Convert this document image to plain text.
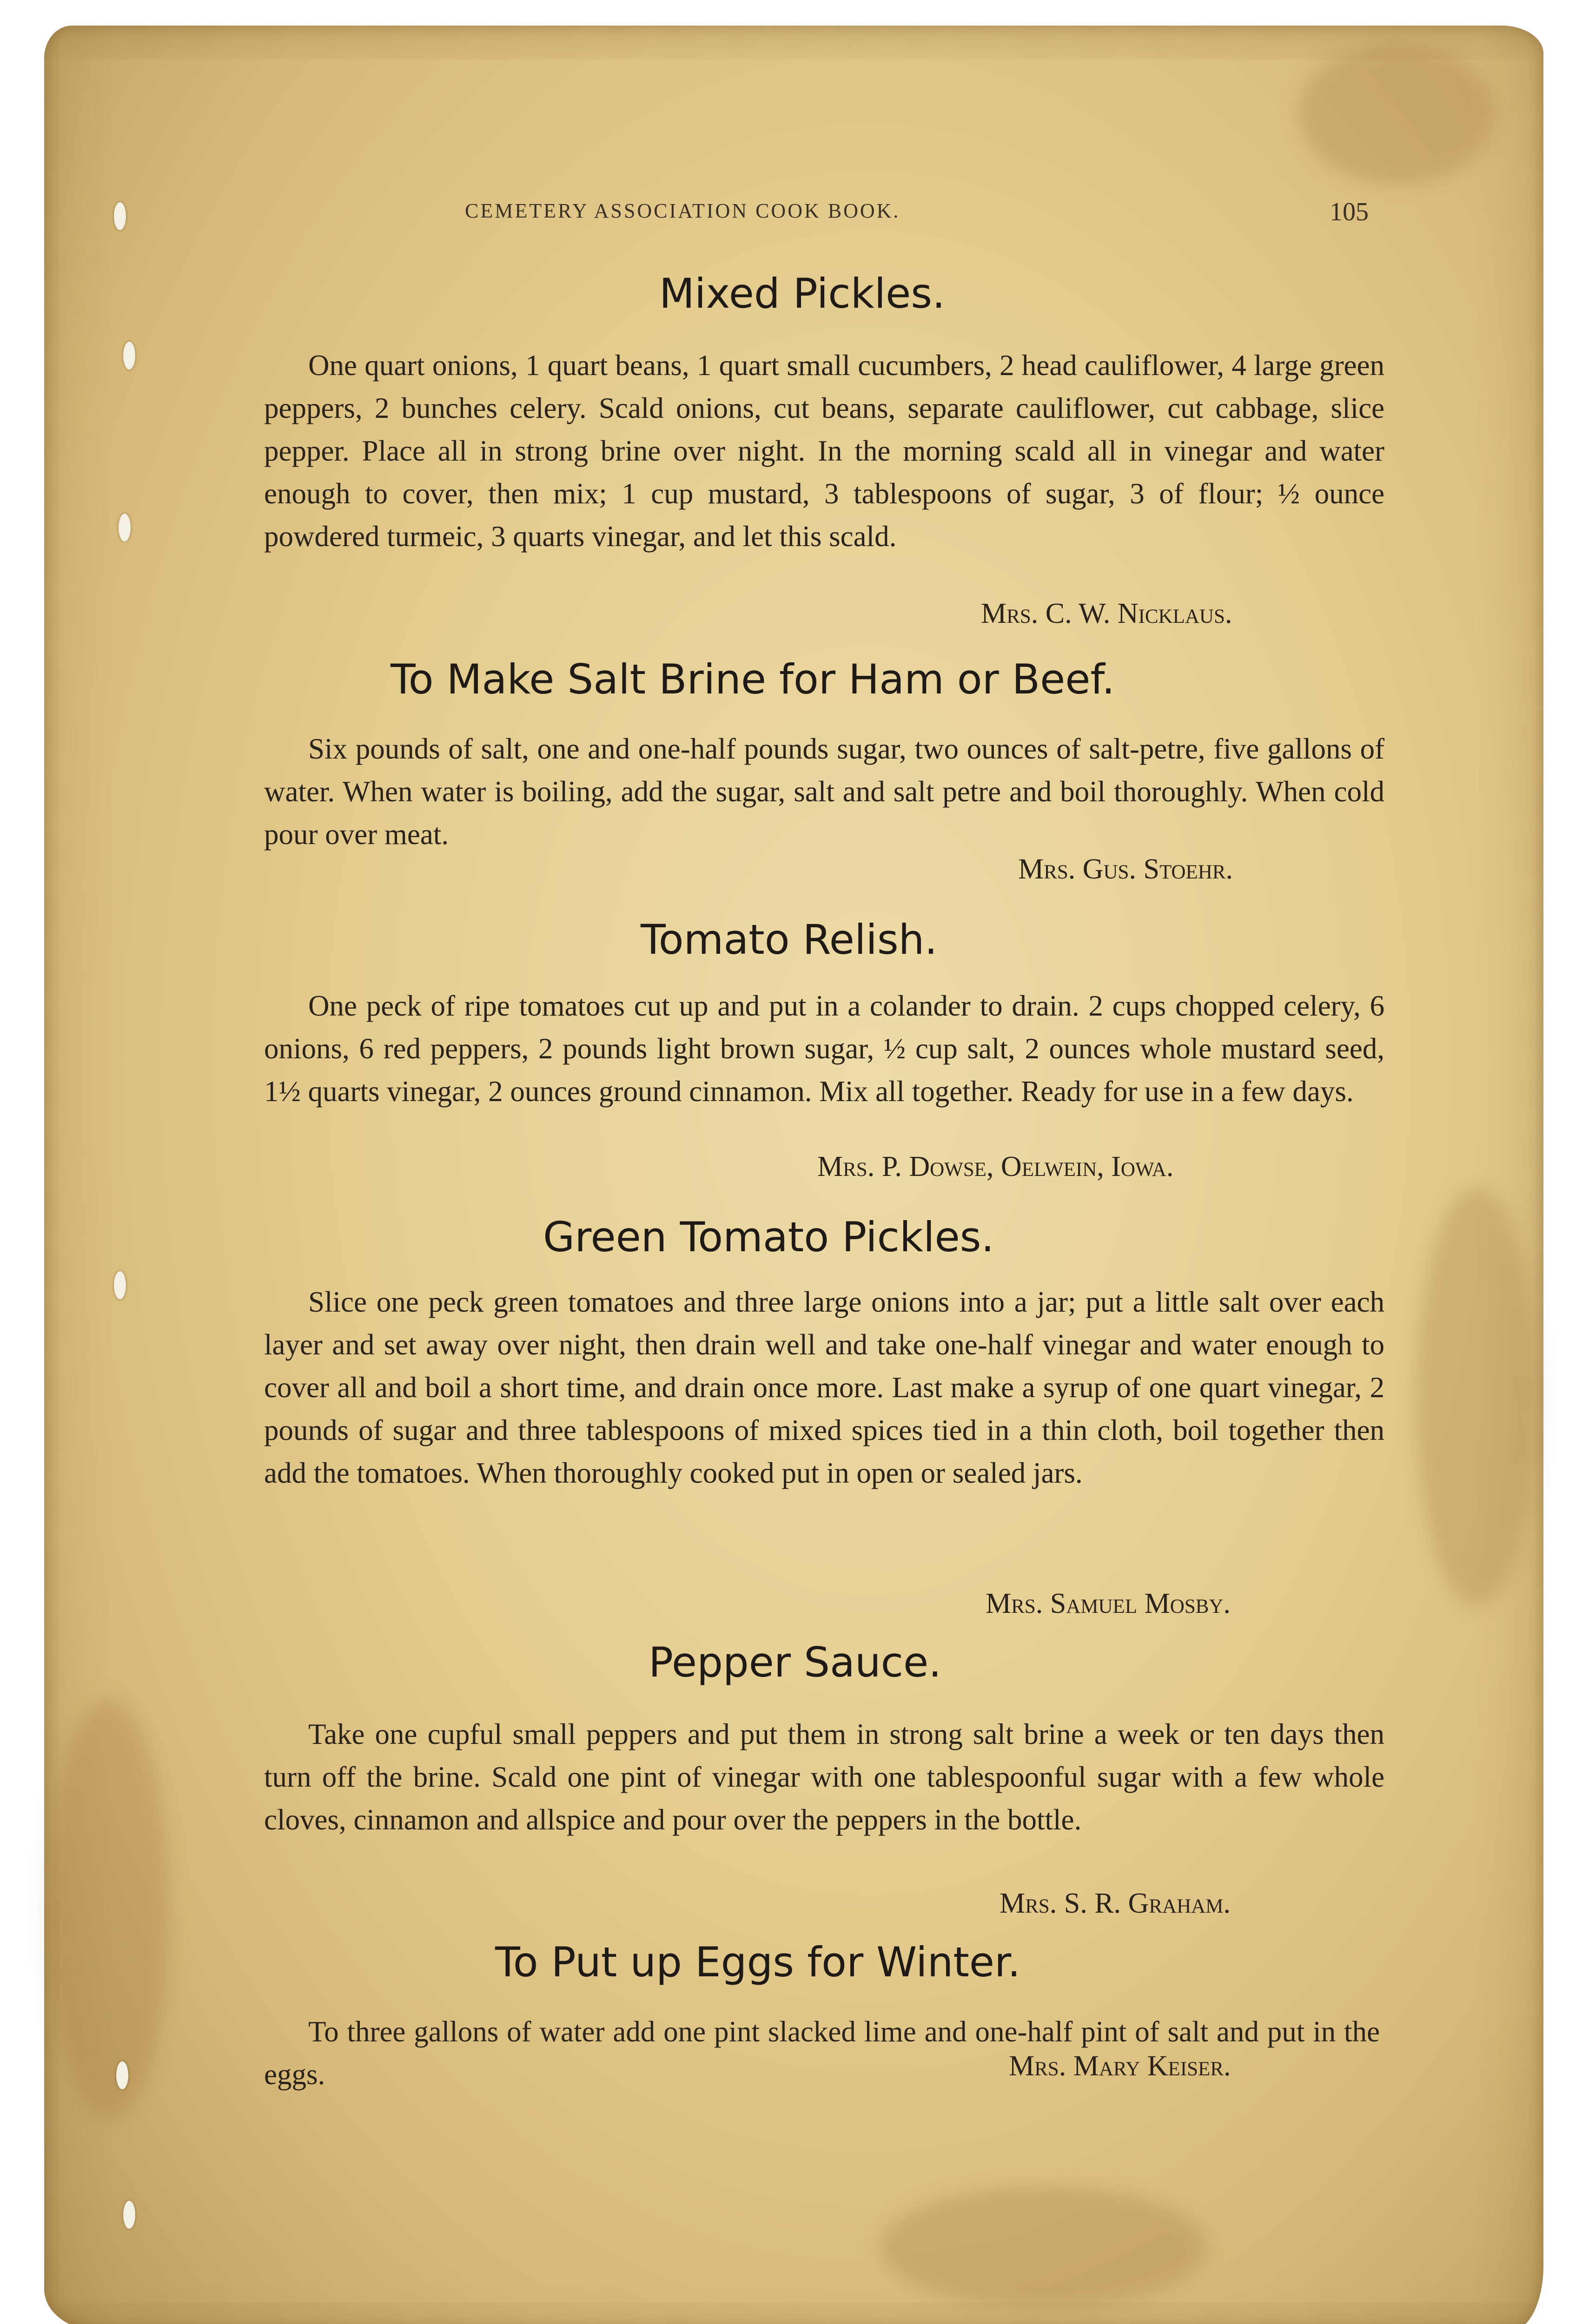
CEMETERY ASSOCIATION COOK BOOK.	105
Mixed Pickles.
One quart onions, 1 quart beans, 1 quart small cucumbers, 2 head cauliflower, 4 large green peppers, 2 bunches celery. Scald onions, cut beans, separate cauliflower, cut cabbage, slice pepper. Place all in strong brine over night. In the morning scald all in vinegar and water enough to cover, then mix; 1 cup mustard, 3 tablespoons of sugar, 3 of flour; ½ ounce powdered turmeic, 3 quarts vinegar, and let this scald.
Mrs. C. W. Nicklaus.
To Make Salt Brine for Ham or Beef.
Six pounds of salt, one and one-half pounds sugar, two ounces of salt-petre, five gallons of water. When water is boiling, add the sugar, salt and salt petre and boil thoroughly. When cold pour over meat.
Mrs. Gus. Stoehr.
Tomato Relish.
One peck of ripe tomatoes cut up and put in a colander to drain. 2 cups chopped celery, 6 onions, 6 red peppers, 2 pounds light brown sugar, ½ cup salt, 2 ounces whole mustard seed, 1½ quarts vinegar, 2 ounces ground cinnamon. Mix all together. Ready for use in a few days.
Mrs. P. Dowse, Oelwein, Iowa.
Green Tomato Pickles.
Slice one peck green tomatoes and three large onions into a jar; put a little salt over each layer and set away over night, then drain well and take one-half vinegar and water enough to cover all and boil a short time, and drain once more. Last make a syrup of one quart vinegar, 2 pounds of sugar and three tablespoons of mixed spices tied in a thin cloth, boil together then add the tomatoes. When thoroughly cooked put in open or sealed jars.
Mrs. Samuel Mosby.
Pepper Sauce.
Take one cupful small peppers and put them in strong salt brine a week or ten days then turn off the brine. Scald one pint of vinegar with one tablespoonful sugar with a few whole cloves, cinnamon and allspice and pour over the peppers in the bottle.
Mrs. S. R. Graham.
To Put up Eggs for Winter.
To three gallons of water add one pint slacked lime and one-half pint of salt and put in the eggs.	Mrs. Mary Keiser.
